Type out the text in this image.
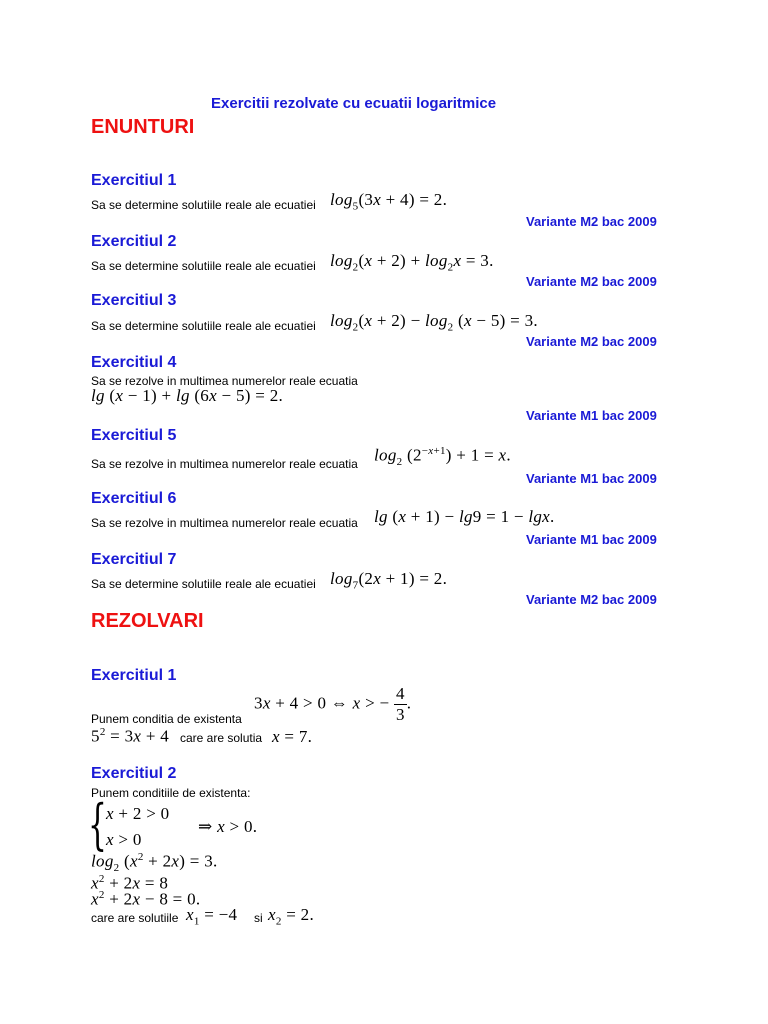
Exercitii rezolvate cu ecuatii logaritmice
ENUNTURI
Exercitiul 1
Sa se determine solutiile reale ale ecuatiei $\log_5(3x + 4) = 2$.
Variante M2 bac 2009
Exercitiul 2
Sa se determine solutiile reale ale ecuatiei $\log_2(x + 2) + \log_2x = 3$.
Variante M2 bac 2009
Exercitiul 3
Sa se determine solutiile reale ale ecuatiei $\log_2(x + 2) - \log_2 (x - 5) = 3$.
Variante M2 bac 2009
Exercitiul 4
Sa se rezolve in multimea numerelor reale ecuatia
lg (x − 1) + lg (6x − 5) = 2.
Variante M1 bac 2009
Exercitiul 5
Sa se rezolve in multimea numerelor reale ecuatia $\log_2 (2^{-x+1}) + 1 = x$.
Variante M1 bac 2009
Exercitiul 6
Sa se rezolve in multimea numerelor reale ecuatia lg (x + 1) − lg9 = 1 − lgx.
Variante M1 bac 2009
Exercitiul 7
Sa se determine solutiile reale ale ecuatiei $\log_7(2x + 1) = 2$.
Variante M2 bac 2009
REZOLVARI
Exercitiul 1
3x + 4 > 0 ⇔ x > − $\frac{4}{3}$ .
Punem conditia de existenta
$5^2 = 3x + 4$ care are solutia x = 7.
Exercitiul 2
Punem conditiile de existenta:
{ x + 2 > 0
x > 0
⇒ x > 0.
$\log_2 (x^2 + 2x) = 3$.
$x^2 + 2x = 8$
$x^2 + 2x - 8 = 0$.
care are solutiile $x_1 = -4$ si $x_2 = 2$.
